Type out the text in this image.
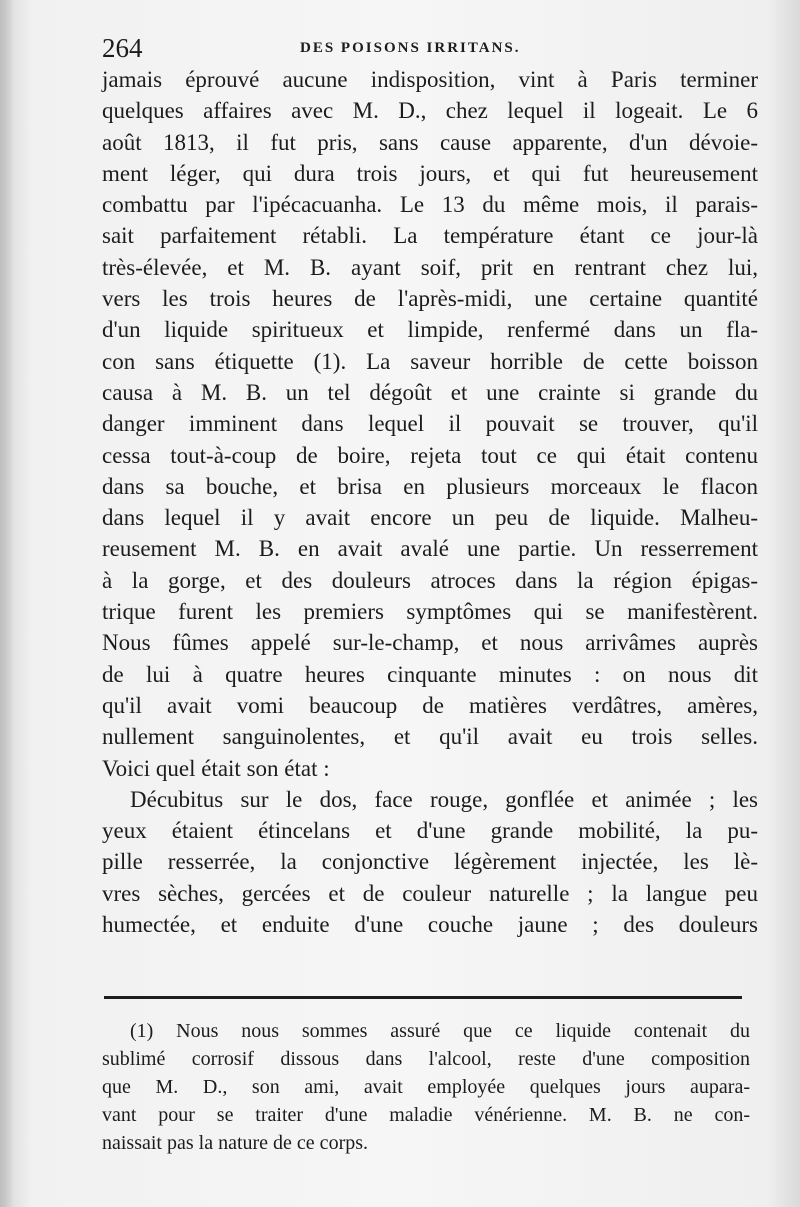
264	DES POISONS IRRITANS.
jamais éprouvé aucune indisposition, vint à Paris terminer
quelques affaires avec M. D., chez lequel il logeait. Le 6
août 1813, il fut pris, sans cause apparente, d'un dévoie-
ment léger, qui dura trois jours, et qui fut heureusement
combattu par l'ipécacuanha. Le 13 du même mois, il parais-
sait parfaitement rétabli. La température étant ce jour-là
très-élevée, et M. B. ayant soif, prit en rentrant chez lui,
vers les trois heures de l'après-midi, une certaine quantité
d'un liquide spiritueux et limpide, renfermé dans un fla-
con sans étiquette (1). La saveur horrible de cette boisson
causa à M. B. un tel dégoût et une crainte si grande du
danger imminent dans lequel il pouvait se trouver, qu'il
cessa tout-à-coup de boire, rejeta tout ce qui était contenu
dans sa bouche, et brisa en plusieurs morceaux le flacon
dans lequel il y avait encore un peu de liquide. Malheu-
reusement M. B. en avait avalé une partie. Un resserrement
à la gorge, et des douleurs atroces dans la région épigas-
trique furent les premiers symptômes qui se manifestèrent.
Nous fûmes appelé sur-le-champ, et nous arrivâmes auprès
de lui à quatre heures cinquante minutes : on nous dit
qu'il avait vomi beaucoup de matières verdâtres, amères,
nullement sanguinolentes, et qu'il avait eu trois selles.
Voici quel était son état :
Décubitus sur le dos, face rouge, gonflée et animée ; les
yeux étaient étincelans et d'une grande mobilité, la pu-
pille resserrée, la conjonctive légèrement injectée, les lè-
vres sèches, gercées et de couleur naturelle ; la langue peu
humectée, et enduite d'une couche jaune ; des douleurs
(1) Nous nous sommes assuré que ce liquide contenait du
sublimé corrosif dissous dans l'alcool, reste d'une composition
que M. D., son ami, avait employée quelques jours aupara-
vant pour se traiter d'une maladie vénérienne. M. B. ne con-
naissait pas la nature de ce corps.
